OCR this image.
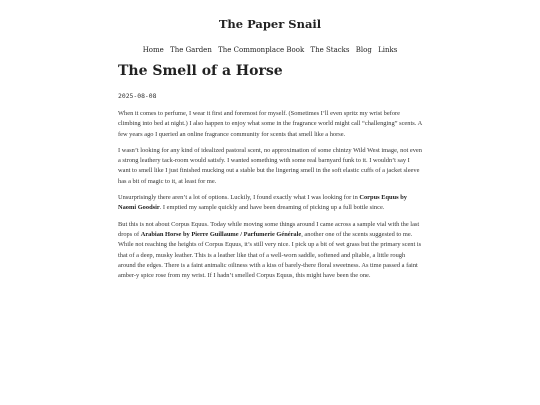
The Paper Snail
Home The Garden The Commonplace Book The Stacks Blog Links
The Smell of a Horse
2025-08-08

When it comes to perfume, I wear it first and foremost for myself. (Sometimes I’ll even spritz my wrist before climbing into bed at night.) I also happen to enjoy what some in the fragrance world might call “challenging” scents. A few years ago I queried an online fragrance community for scents that smell like a horse.

I wasn’t looking for any kind of idealized pastoral scent, no approximation of some chintzy Wild West image, not even a strong leathery tack-room would satisfy. I wanted something with some real barnyard funk to it. I wouldn’t say I want to smell like I just finished mucking out a stable but the lingering smell in the soft elastic cuffs of a jacket sleeve has a bit of magic to it, at least for me.

Unsurprisingly there aren’t a lot of options. Luckily, I found exactly what I was looking for in Corpus Equus by Naomi Goodsir. I emptied my sample quickly and have been dreaming of picking up a full bottle since.

But this is not about Corpus Equus. Today while moving some things around I came across a sample vial with the last drops of Arabian Horse by Pierre Guillaume / Parfumerie Générale, another one of the scents suggested to me. While not reaching the heights of Corpus Equus, it’s still very nice. I pick up a bit of wet grass but the primary scent is that of a deep, musky leather. This is a leather like that of a well-worn saddle, softened and pliable, a little rough around the edges. There is a faint animalic oiliness with a kiss of barely-there floral sweetness. As time passed a faint amber-y spice rose from my wrist. If I hadn’t smelled Corpus Equus, this might have been the one.
